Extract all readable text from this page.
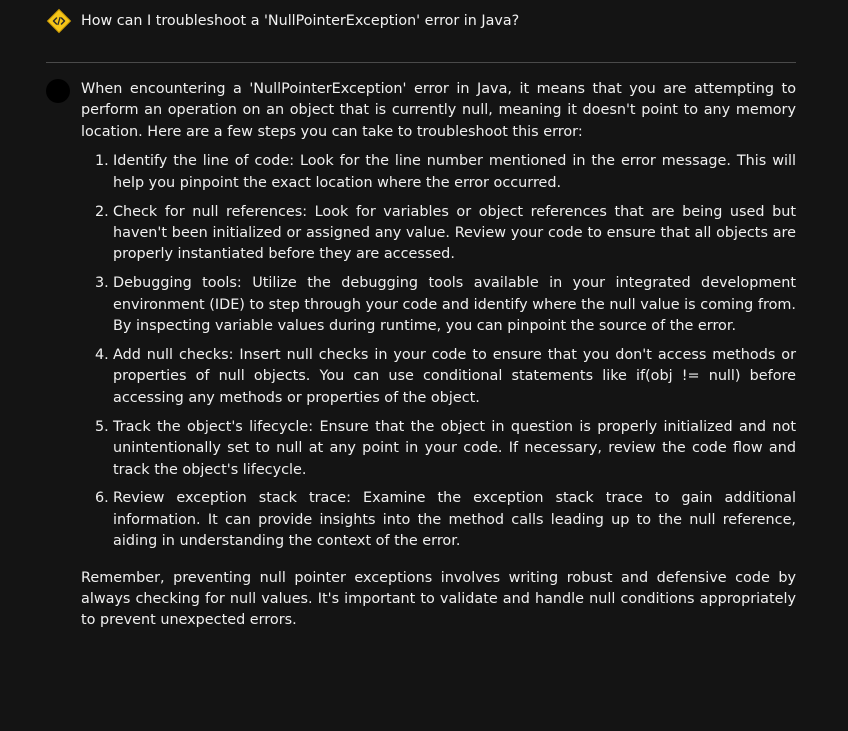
How can I troubleshoot a 'NullPointerException' error in Java?

When encountering a 'NullPointerException' error in Java, it means that you are attempting to perform an operation on an object that is currently null, meaning it doesn't point to any memory location. Here are a few steps you can take to troubleshoot this error:

1. Identify the line of code: Look for the line number mentioned in the error message. This will help you pinpoint the exact location where the error occurred.
2. Check for null references: Look for variables or object references that are being used but haven't been initialized or assigned any value. Review your code to ensure that all objects are properly instantiated before they are accessed.
3. Debugging tools: Utilize the debugging tools available in your integrated development environment (IDE) to step through your code and identify where the null value is coming from. By inspecting variable values during runtime, you can pinpoint the source of the error.
4. Add null checks: Insert null checks in your code to ensure that you don't access methods or properties of null objects. You can use conditional statements like if(obj != null) before accessing any methods or properties of the object.
5. Track the object's lifecycle: Ensure that the object in question is properly initialized and not unintentionally set to null at any point in your code. If necessary, review the code flow and track the object's lifecycle.
6. Review exception stack trace: Examine the exception stack trace to gain additional information. It can provide insights into the method calls leading up to the null reference, aiding in understanding the context of the error.

Remember, preventing null pointer exceptions involves writing robust and defensive code by always checking for null values. It's important to validate and handle null conditions appropriately to prevent unexpected errors.
